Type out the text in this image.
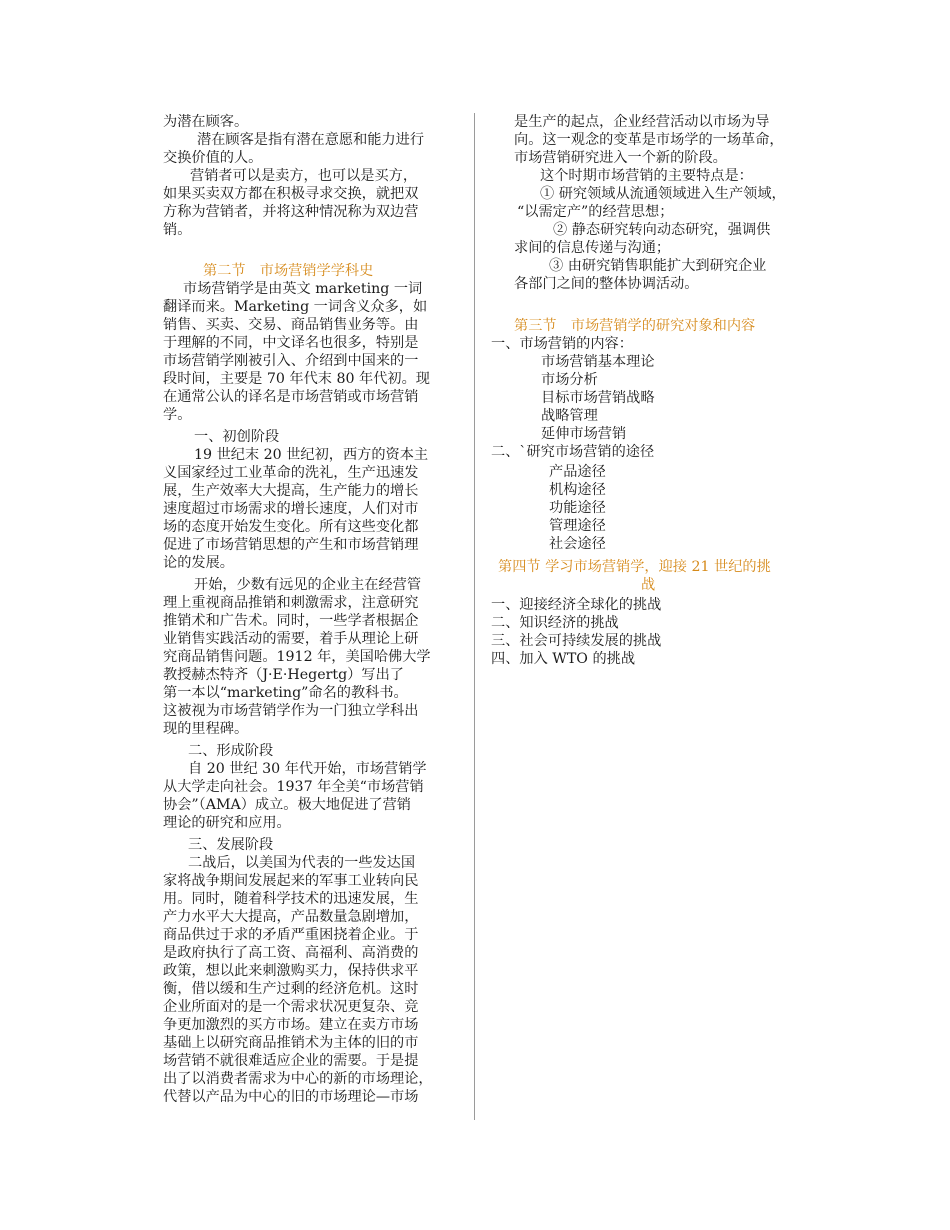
为潜在顾客。
潜在顾客是指有潜在意愿和能力进行
交换价值的人。
营销者可以是卖方，也可以是买方，
如果买卖双方都在积极寻求交换，就把双
方称为营销者，并将这种情况称为双边营
销。
第二节　市场营销学学科史
市场营销学是由英文 marketing 一词
翻译而来。Marketing 一词含义众多，如
销售、买卖、交易、商品销售业务等。由
于理解的不同，中文译名也很多，特别是
市场营销学刚被引入、介绍到中国来的一
段时间，主要是 70 年代末 80 年代初。现
在通常公认的译名是市场营销或市场营销
学。
一、初创阶段
19 世纪末 20 世纪初，西方的资本主
义国家经过工业革命的洗礼，生产迅速发
展，生产效率大大提高，生产能力的增长
速度超过市场需求的增长速度，人们对市
场的态度开始发生变化。所有这些变化都
促进了市场营销思想的产生和市场营销理
论的发展。
开始，少数有远见的企业主在经营管
理上重视商品推销和刺激需求，注意研究
推销术和广告术。同时，一些学者根据企
业销售实践活动的需要，着手从理论上研
究商品销售问题。1912 年，美国哈佛大学
教授赫杰特齐（J·E·Hegertg）写出了
第一本以“marketing”命名的教科书。
这被视为市场营销学作为一门独立学科出
现的里程碑。
二、形成阶段
自 20 世纪 30 年代开始，市场营销学
从大学走向社会。1937 年全美“市场营销
协会”（AMA）成立。极大地促进了营销
理论的研究和应用。
三、发展阶段
二战后，以美国为代表的一些发达国
家将战争期间发展起来的军事工业转向民
用。同时，随着科学技术的迅速发展，生
产力水平大大提高，产品数量急剧增加，
商品供过于求的矛盾严重困挠着企业。于
是政府执行了高工资、高福利、高消费的
政策，想以此来刺激购买力，保持供求平
衡，借以缓和生产过剩的经济危机。这时
企业所面对的是一个需求状况更复杂、竞
争更加激烈的买方市场。建立在卖方市场
基础上以研究商品推销术为主体的旧的市
场营销不就很难适应企业的需要。于是提
出了以消费者需求为中心的新的市场理论，
代替以产品为中心的旧的市场理论—市场
是生产的起点，企业经营活动以市场为导
向。这一观念的变革是市场学的一场革命，
市场营销研究进入一个新的阶段。
这个时期市场营销的主要特点是：
① 研究领域从流通领域进入生产领域，
“以需定产”的经营思想；
② 静态研究转向动态研究，强调供
求间的信息传递与沟通；
③ 由研究销售职能扩大到研究企业
各部门之间的整体协调活动。
第三节　市场营销学的研究对象和内容
一、市场营销的内容：
市场营销基本理论
市场分析
目标市场营销战略
战略管理
延伸市场营销
二、`研究市场营销的途径
产品途径
机构途径
功能途径
管理途径
社会途径
第四节 学习市场营销学，迎接 21 世纪的挑
战
一、迎接经济全球化的挑战
二、知识经济的挑战
三、社会可持续发展的挑战
四、加入 WTO 的挑战
